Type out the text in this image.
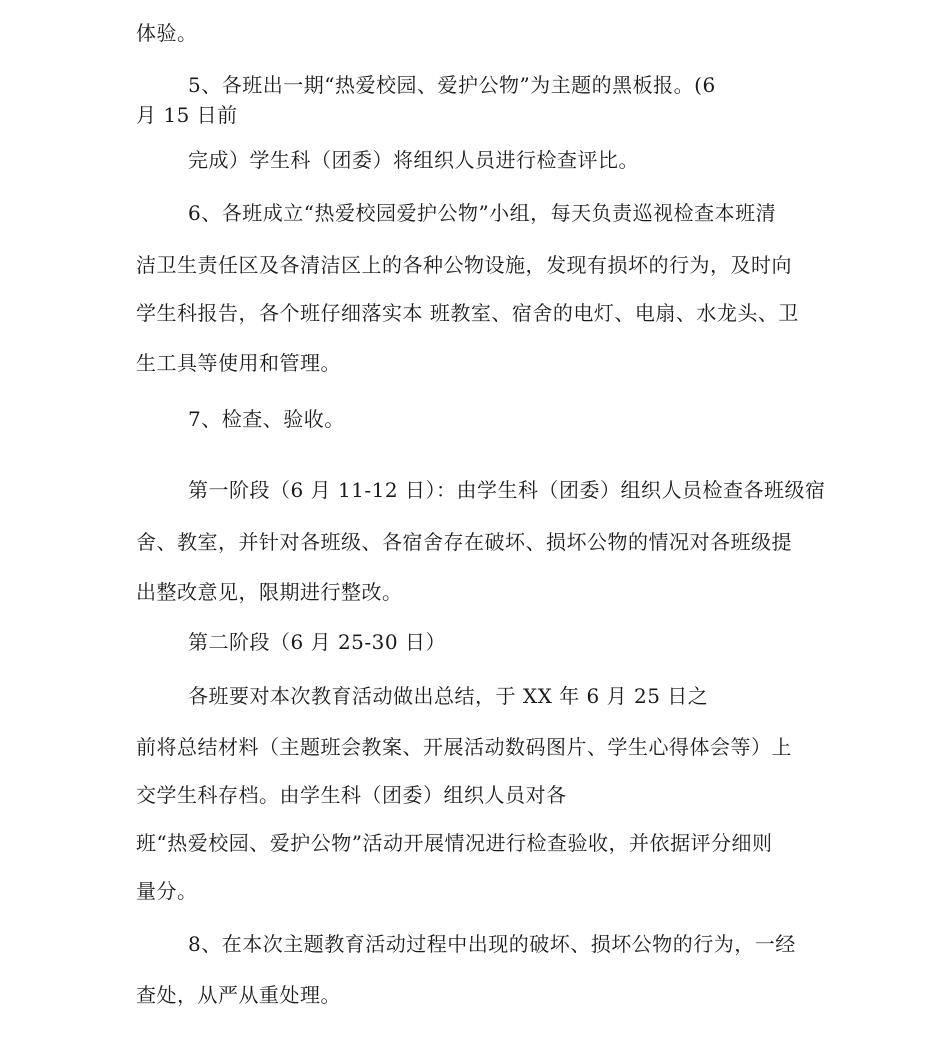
体验。
5、各班出一期“热爱校园、爱护公物”为主题的黑板报。(6
月 15 日前
完成）学生科（团委）将组织人员进行检查评比。
6、各班成立“热爱校园爱护公物”小组，每天负责巡视检查本班清
洁卫生责任区及各清洁区上的各种公物设施，发现有损坏的行为，及时向
学生科报告，各个班仔细落实本 班教室、宿舍的电灯、电扇、水龙头、卫
生工具等使用和管理。
7、检查、验收。
第一阶段（6 月 11-12 日）：由学生科（团委）组织人员检查各班级宿
舍、教室，并针对各班级、各宿舍存在破坏、损坏公物的情况对各班级提
出整改意见，限期进行整改。
第二阶段（6 月 25-30 日）
各班要对本次教育活动做出总结，于 XX 年 6 月 25 日之
前将总结材料（主题班会教案、开展活动数码图片、学生心得体会等）上
交学生科存档。由学生科（团委）组织人员对各
班“热爱校园、爱护公物”活动开展情况进行检查验收，并依据评分细则
量分。
8、在本次主题教育活动过程中出现的破坏、损坏公物的行为，一经
查处，从严从重处理。
